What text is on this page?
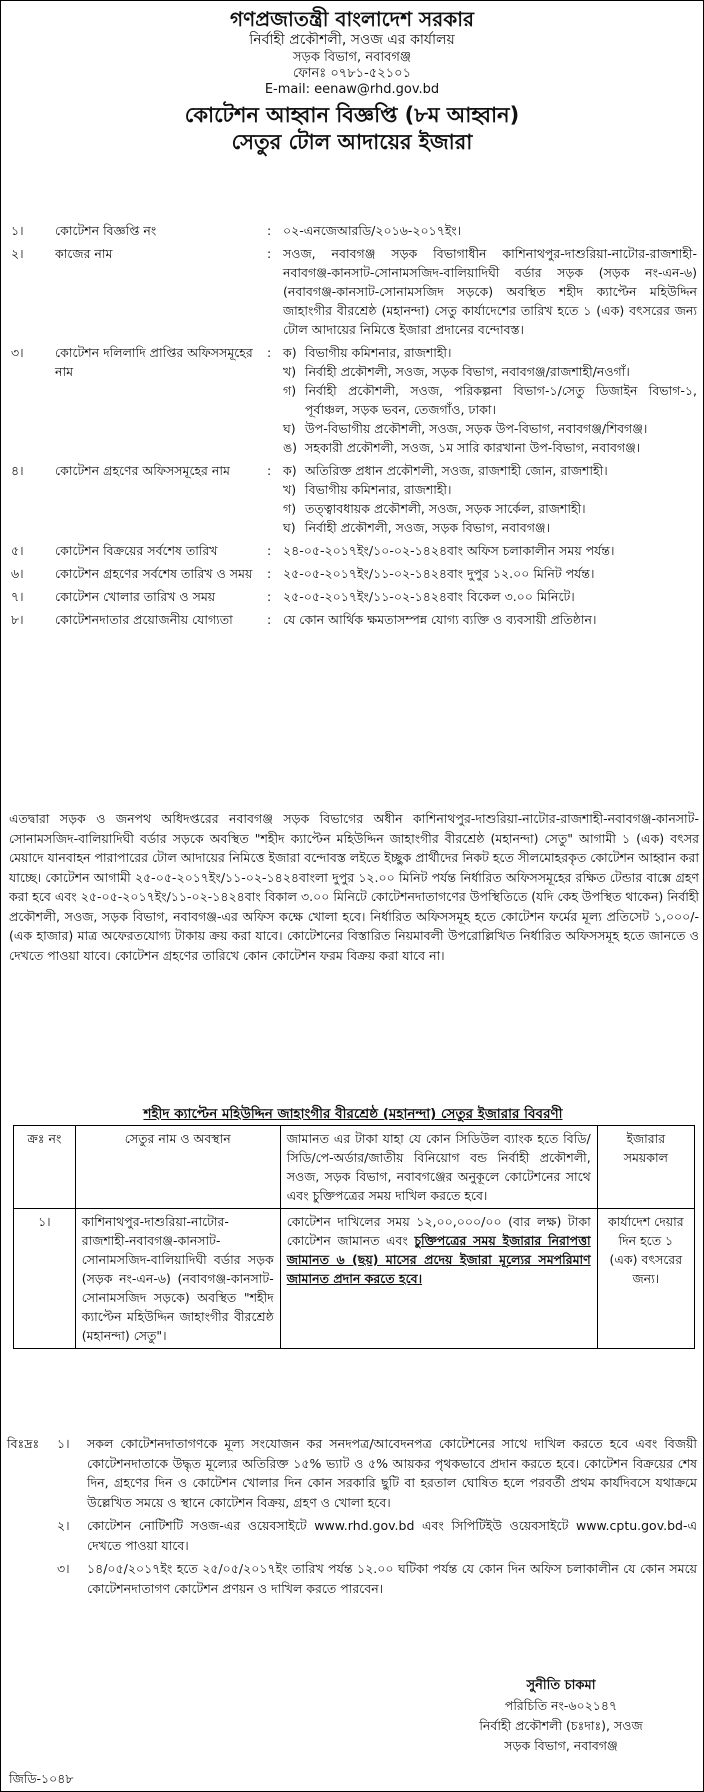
গণপ্রজাতন্ত্রী বাংলাদেশ সরকার
নির্বাহী প্রকৌশলী, সওজ এর কার্যালয়
সড়ক বিভাগ, নবাবগঞ্জ
ফোনঃ ০৭৮১-৫২১০১
E-mail: eenaw@rhd.gov.bd
কোটেশন আহ্বান বিজ্ঞপ্তি (৮ম আহ্বান)
সেতুর টোল আদায়ের ইজারা
১।	কোটেশন বিজ্ঞপ্তি নং	: ০২-এনজেআরডি/২০১৬-২০১৭ইং।
২।	কাজের নাম	: সওজ, নবাবগঞ্জ সড়ক বিভাগাধীন কাশিনাথপুর-দাশুরিয়া-নাটোর-রাজশাহী-নবাবগঞ্জ-কানসাট-সোনামসজিদ-বালিয়াদিঘী বর্ডার সড়ক (সড়ক নং-এন-৬) (নবাবগঞ্জ-কানসাট-সোনামসজিদ সড়কে) অবস্থিত শহীদ ক্যাপ্টেন মহিউদ্দিন জাহাংগীর বীরশ্রেষ্ঠ (মহানন্দা) সেতু কার্যাদেশের তারিখ হতে ১ (এক) বৎসরের জন্য টোল আদায়ের নিমিত্তে ইজারা প্রদানের বন্দোবস্ত।
৩।	কোটেশন দলিলাদি প্রাপ্তির অফিসসমূহের নাম
: ক) বিভাগীয় কমিশনার, রাজশাহী।
খ) নির্বাহী প্রকৌশলী, সওজ, সড়ক বিভাগ, নবাবগঞ্জ/রাজশাহী/নওগাঁ।
গ) নির্বাহী প্রকৌশলী, সওজ, পরিকল্পনা বিভাগ-১/সেতু ডিজাইন বিভাগ-১, পূর্বাঞ্চল, সড়ক ভবন, তেজগাঁও, ঢাকা।
ঘ) উপ-বিভাগীয় প্রকৌশলী, সওজ, সড়ক উপ-বিভাগ, নবাবগঞ্জ/শিবগঞ্জ।
ঙ) সহকারী প্রকৌশলী, সওজ, ১ম সারি কারখানা উপ-বিভাগ, নবাবগঞ্জ।
৪।	কোটেশন গ্রহণের অফিসসমূহের নাম	: ক) অতিরিক্ত প্রধান প্রকৌশলী, সওজ, রাজশাহী জোন, রাজশাহী।
খ) বিভাগীয় কমিশনার, রাজশাহী।
গ) তত্ত্বাবধায়ক প্রকৌশলী, সওজ, সড়ক সার্কেল, রাজশাহী।
ঘ) নির্বাহী প্রকৌশলী, সওজ, সড়ক বিভাগ, নবাবগঞ্জ।
৫।	কোটেশন বিক্রয়ের সর্বশেষ তারিখ	: ২৪-০৫-২০১৭ইং/১০-০২-১৪২৪বাং অফিস চলাকালীন সময় পর্যন্ত।
৬।	কোটেশন গ্রহণের সর্বশেষ তারিখ ও সময়	: ২৫-০৫-২০১৭ইং/১১-০২-১৪২৪বাং দুপুর ১২.০০ মিনিট পর্যন্ত।
৭।	কোটেশন খোলার তারিখ ও সময়	: ২৫-০৫-২০১৭ইং/১১-০২-১৪২৪বাং বিকেল ৩.০০ মিনিটে।
৮।	কোটেশনদাতার প্রয়োজনীয় যোগ্যতা	: যে কোন আর্থিক ক্ষমতাসম্পন্ন যোগ্য ব্যক্তি ও ব্যবসায়ী প্রতিষ্ঠান।
এতদ্বারা সড়ক ও জনপথ অধিদপ্তরের নবাবগঞ্জ সড়ক বিভাগের অধীন কাশিনাথপুর-দাশুরিয়া-নাটোর-রাজশাহী-নবাবগঞ্জ-কানসাট-সোনামসজিদ-বালিয়াদিঘী বর্ডার সড়কে অবস্থিত "শহীদ ক্যাপ্টেন মহিউদ্দিন জাহাংগীর বীরশ্রেষ্ঠ (মহানন্দা) সেতু" আগামী ১ (এক) বৎসর মেয়াদে যানবাহন পারাপারের টোল আদায়ের নিমিত্তে ইজারা বন্দোবস্ত লইতে ইচ্ছুক প্রার্থীদের নিকট হতে সীলমোহরকৃত কোটেশন আহ্বান করা যাচ্ছে। কোটেশন আগামী ২৫-০৫-২০১৭ইং/১১-০২-১৪২৪বাংলা দুপুর ১২.০০ মিনিট পর্যন্ত নির্ধারিত অফিসসমূহের রক্ষিত টেন্ডার বাক্সে গ্রহণ করা হবে এবং ২৫-০৫-২০১৭ইং/১১-০২-১৪২৪বাং বিকাল ৩.০০ মিনিটে কোটেশনদাতাগণের উপস্থিতিতে (যদি কেহ উপস্থিত থাকেন) নির্বাহী প্রকৌশলী, সওজ, সড়ক বিভাগ, নবাবগঞ্জ-এর অফিস কক্ষে খোলা হবে। নির্ধারিত অফিসসমূহ হতে কোটেশন ফর্মের মূল্য প্রতিসেট ১,০০০/- (এক হাজার) মাত্র অফেরতযোগ্য টাকায় ক্রয় করা যাবে। কোটেশনের বিস্তারিত নিয়মাবলী উপরোল্লিখিত নির্ধারিত অফিসসমূহ হতে জানতে ও দেখতে পাওয়া যাবে। কোটেশন গ্রহণের তারিখে কোন কোটেশন ফরম বিক্রয় করা যাবে না।
শহীদ ক্যাপ্টেন মহিউদ্দিন জাহাংগীর বীরশ্রেষ্ঠ (মহানন্দা) সেতুর ইজারার বিবরণী
ক্রঃ নং	সেতুর নাম ও অবস্থান	জামানত এর টাকা যাহা যে কোন সিডিউল ব্যাংক হতে বিডি/সিডি/পে-অর্ডার/জাতীয় বিনিয়োগ বন্ড নির্বাহী প্রকৌশলী, সওজ, সড়ক বিভাগ, নবাবগঞ্জের অনুকূলে কোটেশনের সাথে এবং চুক্তিপত্রের সময় দাখিল করতে হবে।	ইজারার সময়কাল
১।	কাশিনাথপুর-দাশুরিয়া-নাটোর-রাজশাহী-নবাবগঞ্জ-কানসাট-সোনামসজিদ-বালিয়াদিঘী বর্ডার সড়ক (সড়ক নং-এন-৬) (নবাবগঞ্জ-কানসাট-সোনামসজিদ সড়কে) অবস্থিত "শহীদ ক্যাপ্টেন মহিউদ্দিন জাহাংগীর বীরশ্রেষ্ঠ (মহানন্দা) সেতু"।	কোটেশন দাখিলের সময় ১২,০০,০০০/০০ (বার লক্ষ) টাকা কোটেশন জামানত এবং চুক্তিপত্রের সময় ইজারার নিরাপত্তা জামানত ৬ (ছয়) মাসের প্রদেয় ইজারা মূল্যের সমপরিমাণ জামানত প্রদান করতে হবে।	কার্যাদেশ দেয়ার দিন হতে ১ (এক) বৎসরের জন্য।
বিঃদ্রঃ	১।	সকল কোটেশনদাতাগণকে মূল্য সংযোজন কর সনদপত্র/আবেদনপত্র কোটেশনের সাথে দাখিল করতে হবে এবং বিজয়ী কোটেশনদাতাকে উদ্ধৃত মূল্যের অতিরিক্ত ১৫% ভ্যাট ও ৫% আয়কর পৃথকভাবে প্রদান করতে হবে। কোটেশন বিক্রয়ের শেষ দিন, গ্রহণের দিন ও কোটেশন খোলার দিন কোন সরকারি ছুটি বা হরতাল ঘোষিত হলে পরবর্তী প্রথম কার্যদিবসে যথাক্রমে উল্লেখিত সময়ে ও স্থানে কোটেশন বিক্রয়, গ্রহণ ও খোলা হবে।
২।	কোটেশন নোটিশটি সওজ-এর ওয়েবসাইটে www.rhd.gov.bd এবং সিপিটিইউ ওয়েবসাইটে www.cptu.gov.bd-এ দেখতে পাওয়া যাবে।
৩।	১৪/০৫/২০১৭ইং হতে ২৫/০৫/২০১৭ইং তারিখ পর্যন্ত ১২.০০ ঘটিকা পর্যন্ত যে কোন দিন অফিস চলাকালীন যে কোন সময়ে কোটেশনদাতাগণ কোটেশন প্রণয়ন ও দাখিল করতে পারবেন।
সুনীতি চাকমা
পরিচিতি নং-৬০২১৪৭
নির্বাহী প্রকৌশলী (চঃদাঃ), সওজ
সড়ক বিভাগ, নবাবগঞ্জ
জিডি-১০৪৮
